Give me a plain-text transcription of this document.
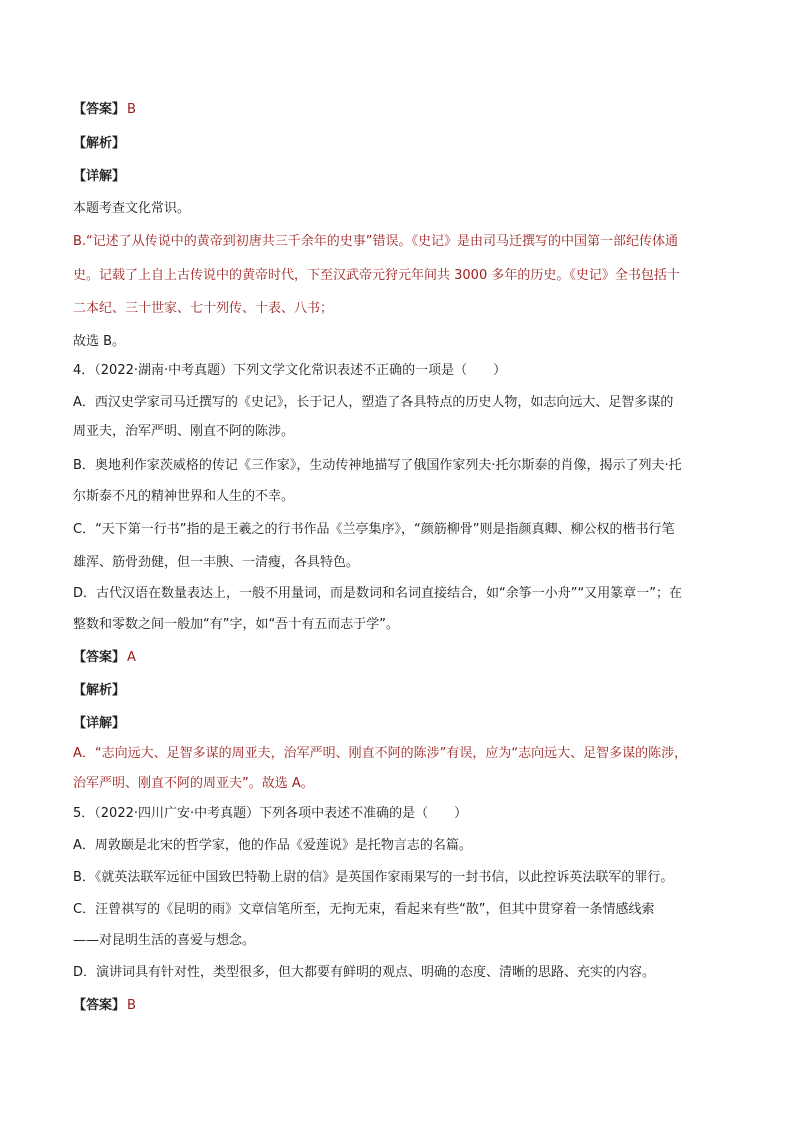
【答案】 B
【解析】
【详解】
本题考查文化常识。
B.“记述了从传说中的黄帝到初唐共三千余年的史事”错误。《史记》是由司马迁撰写的中国第一部纪传体通
史。记载了上自上古传说中的黄帝时代，下至汉武帝元狩元年间共 3000 多年的历史。《史记》全书包括十
二本纪、三十世家、七十列传、十表、八书；
故选 B。
4．（2022·湖南·中考真题）下列文学文化常识表述不正确的一项是（　　）
A．西汉史学家司马迁撰写的《史记》，长于记人，塑造了各具特点的历史人物，如志向远大、足智多谋的
周亚夫，治军严明、刚直不阿的陈涉。
B．奥地利作家茨威格的传记《三作家》，生动传神地描写了俄国作家列夫·托尔斯泰的肖像，揭示了列夫·托
尔斯泰不凡的精神世界和人生的不幸。
C．“天下第一行书”指的是王羲之的行书作品《兰亭集序》，“颜筋柳骨”则是指颜真卿、柳公权的楷书行笔
雄浑、筋骨劲健，但一丰腴、一清瘦，各具特色。
D．古代汉语在数量表达上，一般不用量词，而是数词和名词直接结合，如“余筝一小舟”“又用篆章一”；在
整数和零数之间一般加“有”字，如“吾十有五而志于学”。
【答案】 A
【解析】
【详解】
A．“志向远大、足智多谋的周亚夫，治军严明、刚直不阿的陈涉”有误，应为“志向远大、足智多谋的陈涉，
治军严明、刚直不阿的周亚夫”。故选 A。
5．（2022·四川广安·中考真题）下列各项中表述不准确的是（　　）
A．周敦颐是北宋的哲学家，他的作品《爱莲说》是托物言志的名篇。
B．《就英法联军远征中国致巴特勒上尉的信》是英国作家雨果写的一封书信，以此控诉英法联军的罪行。
C．汪曾祺写的《昆明的雨》文章信笔所至，无拘无束，看起来有些“散”，但其中贯穿着一条情感线索
——对昆明生活的喜爱与想念。
D．演讲词具有针对性，类型很多，但大都要有鲜明的观点、明确的态度、清晰的思路、充实的内容。
【答案】 B
